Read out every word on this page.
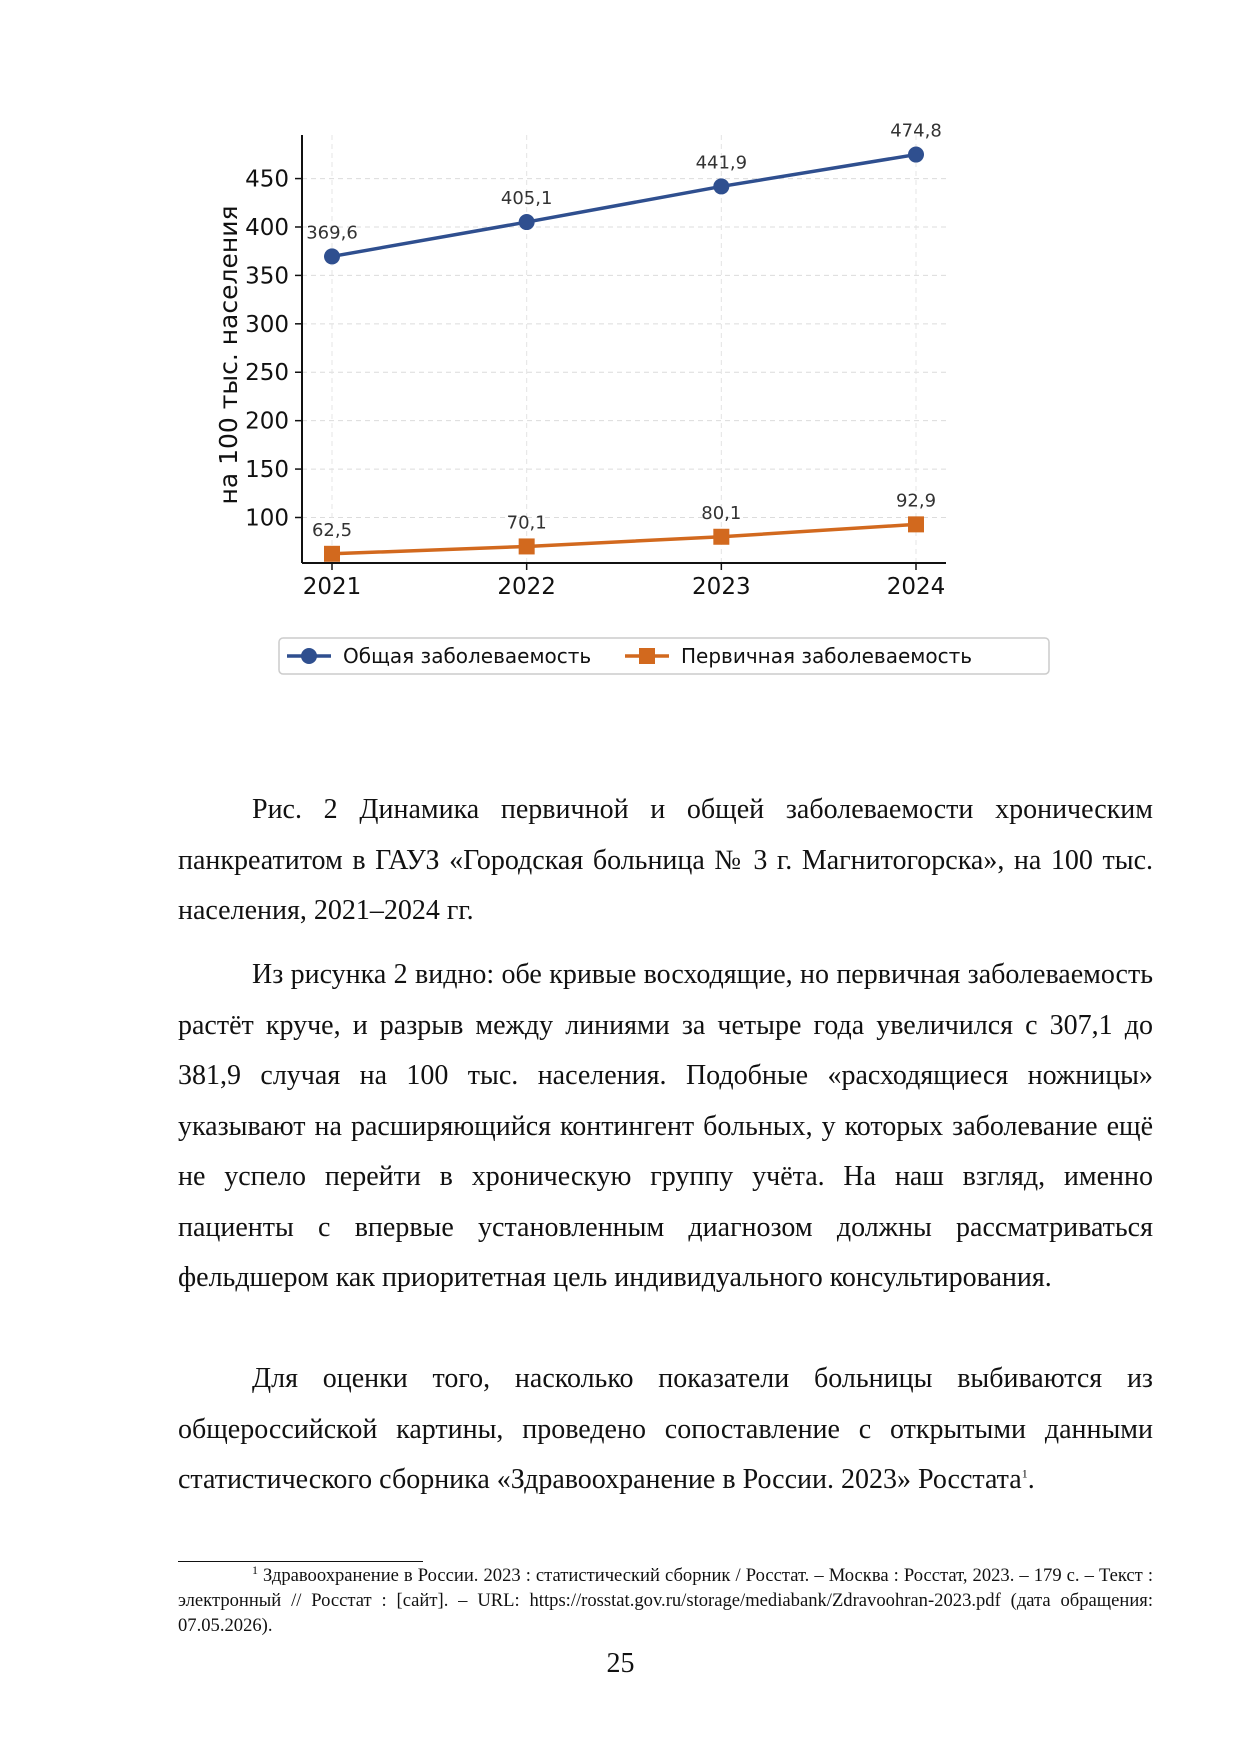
100
150
200
250
300
350
400
450
2021	2022	2023	2024
на 100 тыс. населения	369,6
405,1
441,9
474,8
62,5	70,1	80,1
92,9
Общая заболеваемость	Первичная заболеваемость

Рис. 2 Динамика первичной и общей заболеваемости хроническим панкреатитом в ГАУЗ «Городская больница № 3 г. Магнитогорска», на 100 тыс. населения, 2021–2024 гг.

Из рисунка 2 видно: обе кривые восходящие, но первичная заболеваемость растёт круче, и разрыв между линиями за четыре года увеличился с 307,1 до 381,9 случая на 100 тыс. населения. Подобные «расходящиеся ножницы» указывают на расширяющийся контингент больных, у которых заболевание ещё не успело перейти в хроническую группу учёта. На наш взгляд, именно пациенты с впервые установленным диагнозом должны рассматриваться фельдшером как приоритетная цель индивидуального консультирования.

Для оценки того, насколько показатели больницы выбиваются из общероссийской картины, проведено сопоставление с открытыми данными статистического сборника «Здравоохранение в России. 2023» Росстата$^1$.

$^1$ Здравоохранение в России. 2023 : статистический сборник / Росстат. – Москва : Росстат, 2023. – 179 с. – Текст : электронный // Росстат : [сайт]. – URL: https://rosstat.gov.ru/storage/mediabank/Zdravoohran-2023.pdf (дата обращения: 07.05.2026).

25
